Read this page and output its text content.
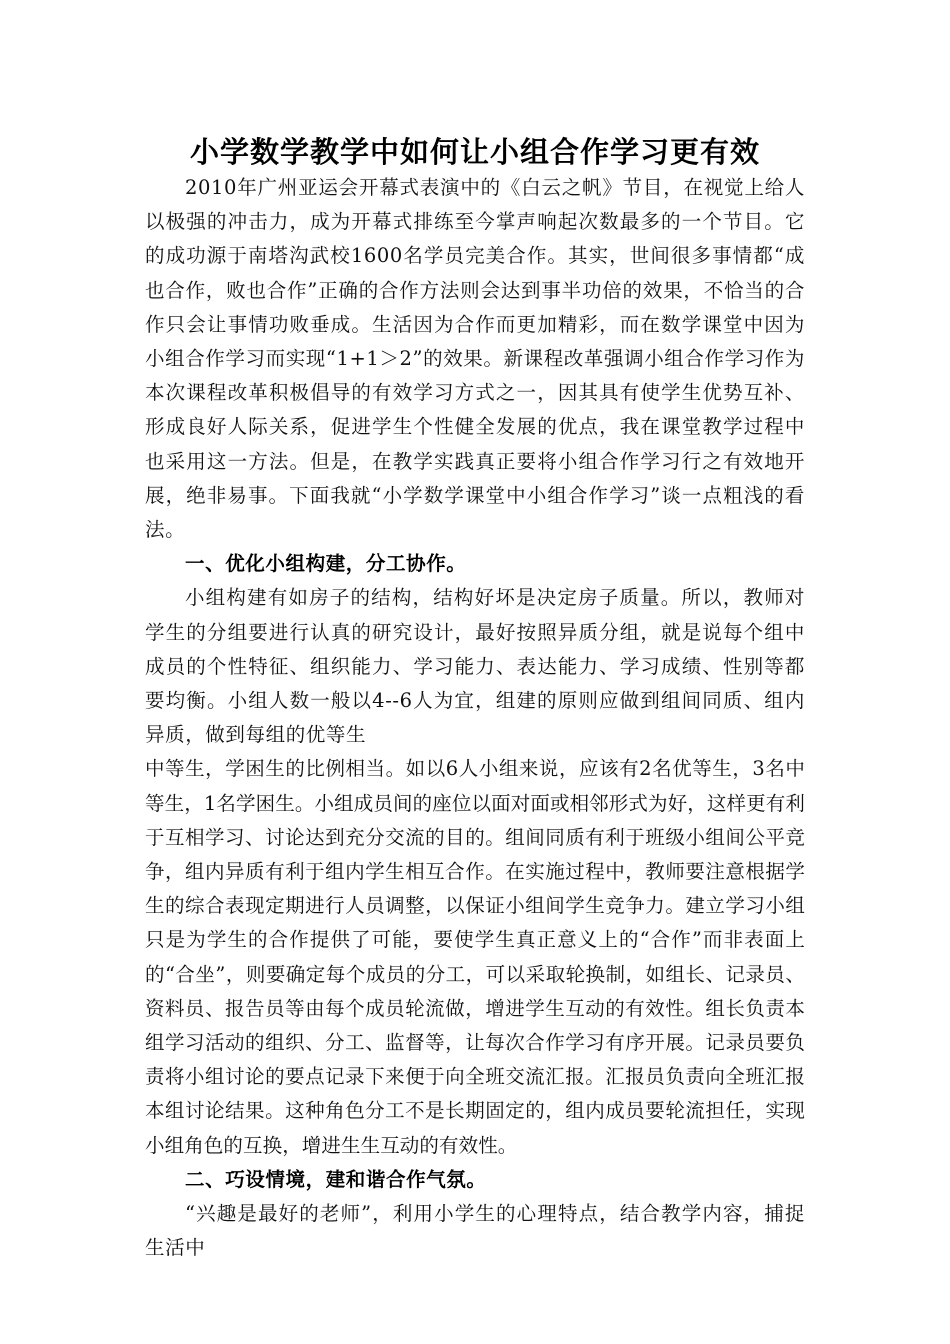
小学数学教学中如何让小组合作学习更有效

2010年广州亚运会开幕式表演中的《白云之帆》节目，在视觉上给人以极强的冲击力，成为开幕式排练至今掌声响起次数最多的一个节目。它的成功源于南塔沟武校1600名学员完美合作。其实，世间很多事情都“成也合作，败也合作”正确的合作方法则会达到事半功倍的效果，不恰当的合作只会让事情功败垂成。生活因为合作而更加精彩，而在数学课堂中因为小组合作学习而实现“1+1＞2”的效果。新课程改革强调小组合作学习作为本次课程改革积极倡导的有效学习方式之一，因其具有使学生优势互补、形成良好人际关系，促进学生个性健全发展的优点，我在课堂教学过程中也采用这一方法。但是，在教学实践真正要将小组合作学习行之有效地开展，绝非易事。下面我就“小学数学课堂中小组合作学习”谈一点粗浅的看法。

一、优化小组构建，分工协作。

小组构建有如房子的结构，结构好坏是决定房子质量。所以，教师对学生的分组要进行认真的研究设计，最好按照异质分组，就是说每个组中成员的个性特征、组织能力、学习能力、表达能力、学习成绩、性别等都要均衡。小组人数一般以4--6人为宜，组建的原则应做到组间同质、组内异质，做到每组的优等生

中等生，学困生的比例相当。如以6人小组来说，应该有2名优等生，3名中等生，1名学困生。小组成员间的座位以面对面或相邻形式为好，这样更有利于互相学习、讨论达到充分交流的目的。组间同质有利于班级小组间公平竞争，组内异质有利于组内学生相互合作。在实施过程中，教师要注意根据学生的综合表现定期进行人员调整，以保证小组间学生竞争力。建立学习小组只是为学生的合作提供了可能，要使学生真正意义上的“合作”而非表面上的“合坐”，则要确定每个成员的分工，可以采取轮换制，如组长、记录员、资料员、报告员等由每个成员轮流做，增进学生互动的有效性。组长负责本组学习活动的组织、分工、监督等，让每次合作学习有序开展。记录员要负责将小组讨论的要点记录下来便于向全班交流汇报。汇报员负责向全班汇报本组讨论结果。这种角色分工不是长期固定的，组内成员要轮流担任，实现小组角色的互换，增进生生互动的有效性。

二、巧设情境，建和谐合作气氛。

“兴趣是最好的老师”，利用小学生的心理特点，结合教学内容，捕捉生活中
